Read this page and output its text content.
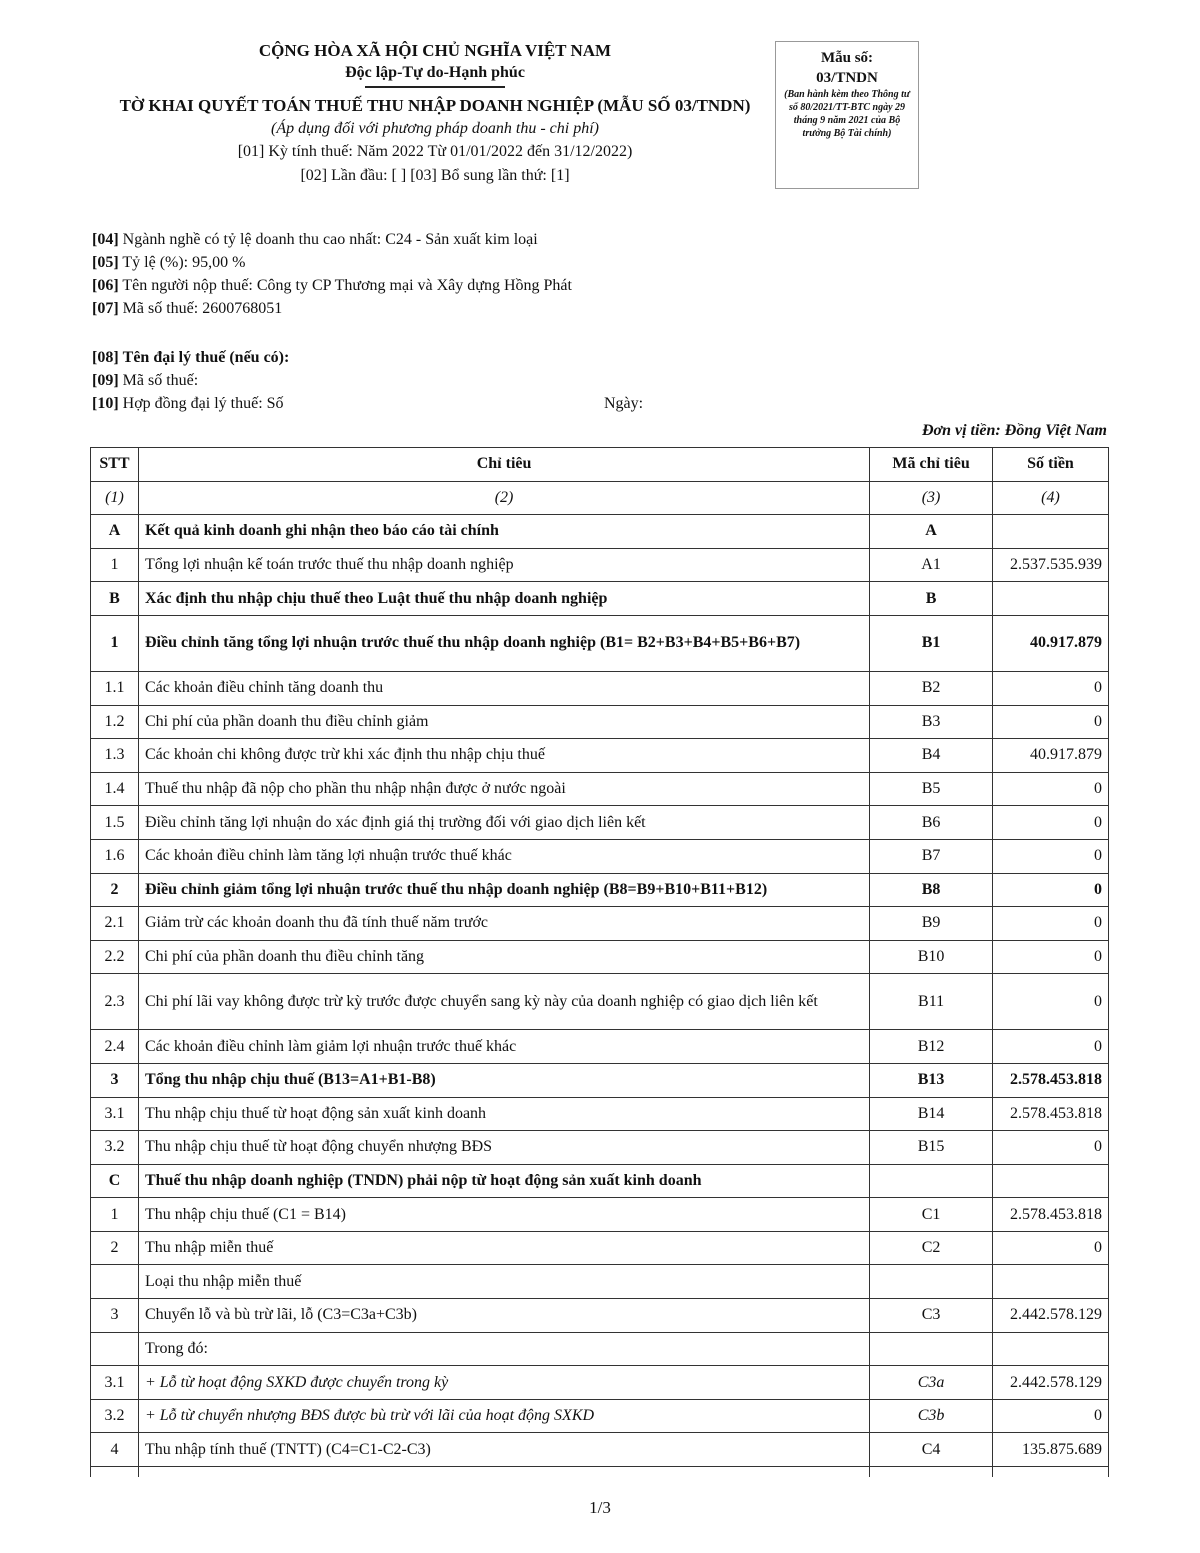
CỘNG HÒA XÃ HỘI CHỦ NGHĨA VIỆT NAM
Độc lập-Tự do-Hạnh phúc
TỜ KHAI QUYẾT TOÁN THUẾ THU NHẬP DOANH NGHIỆP (MẪU SỐ 03/TNDN)
(Áp dụng đối với phương pháp doanh thu - chi phí)
[01] Kỳ tính thuế: Năm 2022 Từ 01/01/2022 đến 31/12/2022)
[02] Lần đầu: [ ] [03] Bổ sung lần thứ: [1]
Mẫu số:
03/TNDN
(Ban hành kèm theo Thông tư số 80/2021/TT-BTC ngày 29 tháng 9 năm 2021 của Bộ trưởng Bộ Tài chính)
[04] Ngành nghề có tỷ lệ doanh thu cao nhất: C24 - Sản xuất kim loại
[05] Tỷ lệ (%): 95,00 %
[06] Tên người nộp thuế: Công ty CP Thương mại và Xây dựng Hồng Phát
[07] Mã số thuế: 2600768051
[08] Tên đại lý thuế (nếu có):
[09] Mã số thuế:
[10] Hợp đồng đại lý thuế: Số	Ngày:
Đơn vị tiền: Đồng Việt Nam
STT	Chỉ tiêu	Mã chỉ tiêu	Số tiền
(1)	(2)	(3)	(4)
A	Kết quả kinh doanh ghi nhận theo báo cáo tài chính	A	
1	Tổng lợi nhuận kế toán trước thuế thu nhập doanh nghiệp	A1	2.537.535.939
B	Xác định thu nhập chịu thuế theo Luật thuế thu nhập doanh nghiệp	B	
1	Điều chỉnh tăng tổng lợi nhuận trước thuế thu nhập doanh nghiệp (B1= B2+B3+B4+B5+B6+B7)	B1	40.917.879
1.1	Các khoản điều chỉnh tăng doanh thu	B2	0
1.2	Chi phí của phần doanh thu điều chỉnh giảm	B3	0
1.3	Các khoản chi không được trừ khi xác định thu nhập chịu thuế	B4	40.917.879
1.4	Thuế thu nhập đã nộp cho phần thu nhập nhận được ở nước ngoài	B5	0
1.5	Điều chỉnh tăng lợi nhuận do xác định giá thị trường đối với giao dịch liên kết	B6	0
1.6	Các khoản điều chỉnh làm tăng lợi nhuận trước thuế khác	B7	0
2	Điều chỉnh giảm tổng lợi nhuận trước thuế thu nhập doanh nghiệp (B8=B9+B10+B11+B12)	B8	0
2.1	Giảm trừ các khoản doanh thu đã tính thuế năm trước	B9	0
2.2	Chi phí của phần doanh thu điều chỉnh tăng	B10	0
2.3	Chi phí lãi vay không được trừ kỳ trước được chuyển sang kỳ này của doanh nghiệp có giao dịch liên kết	B11	0
2.4	Các khoản điều chỉnh làm giảm lợi nhuận trước thuế khác	B12	0
3	Tổng thu nhập chịu thuế (B13=A1+B1-B8)	B13	2.578.453.818
3.1	Thu nhập chịu thuế từ hoạt động sản xuất kinh doanh	B14	2.578.453.818
3.2	Thu nhập chịu thuế từ hoạt động chuyển nhượng BĐS	B15	0
C	Thuế thu nhập doanh nghiệp (TNDN) phải nộp từ hoạt động sản xuất kinh doanh		
1	Thu nhập chịu thuế (C1 = B14)	C1	2.578.453.818
2	Thu nhập miễn thuế	C2	0
	Loại thu nhập miễn thuế		
3	Chuyển lỗ và bù trừ lãi, lỗ (C3=C3a+C3b)	C3	2.442.578.129
	Trong đó:		
3.1	+ Lỗ từ hoạt động SXKD được chuyển trong kỳ	C3a	2.442.578.129
3.2	+ Lỗ từ chuyển nhượng BĐS được bù trừ với lãi của hoạt động SXKD	C3b	0
4	Thu nhập tính thuế (TNTT) (C4=C1-C2-C3)	C4	135.875.689

1/3
